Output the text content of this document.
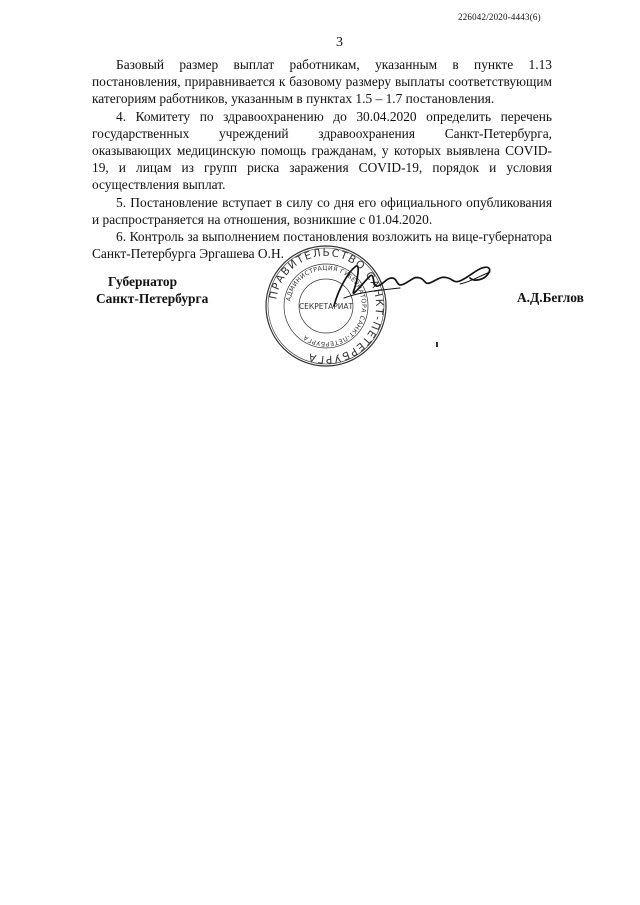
226042/2020-4443(6)
3

Базовый размер выплат работникам, указанным в пункте 1.13 постановления, приравнивается к базовому размеру выплаты соответствующим категориям работников, указанным в пунктах 1.5 – 1.7 постановления.

4. Комитету по здравоохранению до 30.04.2020 определить перечень государственных учреждений здравоохранения Санкт-Петербурга, оказывающих медицинскую помощь гражданам, у которых выявлена COVID-19, и лицам из групп риска заражения COVID-19, порядок и условия осуществления выплат.

5. Постановление вступает в силу со дня его официального опубликования и распространяется на отношения, возникшие с 01.04.2020.

6. Контроль за выполнением постановления возложить на вице-губернатора Санкт-Петербурга Эргашева О.Н.

Губернатор
Санкт-Петербурга	ПРАВИТЕЛЬСТВО САНКТ-ПЕТЕРБУРГА
АДМИНИСТРАЦИЯ ГУБЕРНАТОРА САНКТ-ПЕТЕРБУРГА
СЕКРЕТАРИАТ
А.Д.Беглов
